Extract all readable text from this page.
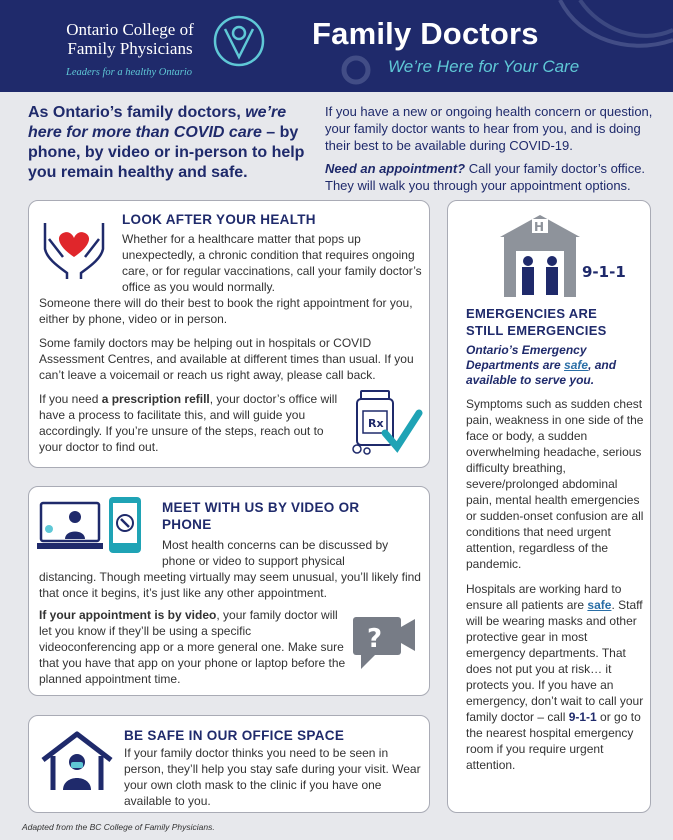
Ontario College of
Family Physicians
Leaders for a healthy Ontario
Family Doctors
We’re Here for Your Care
As Ontario’s family doctors, we’re here for more than COVID care – by phone, by video or in-person to help you remain healthy and safe.

If you have a new or ongoing health concern or question, your family doctor wants to hear from you, and is doing their best to be available during COVID-19.

Need an appointment? Call your family doctor’s office. They will walk you through your appointment options.

LOOK AFTER YOUR HEALTH

Whether for a healthcare matter that pops up unexpectedly, a chronic condition that requires ongoing care, or for regular vaccinations, call your family doctor’s office as you would normally.

Someone there will do their best to book the right appointment for you, either by phone, video or in person.

Some family doctors may be helping out in hospitals or COVID Assessment Centres, and available at different times than usual. If you can’t leave a voicemail or reach us right away, please call back.

If you need a prescription refill, your doctor’s office will have a process to facilitate this, and will guide you accordingly. If you’re unsure of the steps, reach out to your doctor to find out.

Rx
MEET WITH US BY VIDEO OR
PHONE

Most health concerns can be discussed by phone or video to support physical

distancing. Though meeting virtually may seem unusual, you’ll likely find that once it begins, it’s just like any other appointment.

If your appointment is by video, your family doctor will let you know if they’ll be using a specific videoconferencing app or a more general one. Make sure that you have that app on your phone or laptop before the planned appointment time.

?
BE SAFE IN OUR OFFICE SPACE

If your family doctor thinks you need to be seen in person, they’ll help you stay safe during your visit. Wear your own cloth mask to the clinic if you have one available to you.

H
9-1-1
EMERGENCIES ARE
STILL EMERGENCIES
Ontario’s Emergency Departments are safe, and available to serve you.

Symptoms such as sudden chest pain, weakness in one side of the face or body, a sudden overwhelming headache, serious difficulty breathing, severe/prolonged abdominal pain, mental health emergencies or sudden-onset confusion are all conditions that need urgent attention, regardless of the pandemic.

Hospitals are working hard to ensure all patients are safe. Staff will be wearing masks and other protective gear in most emergency departments. That does not put you at risk… it protects you. If you have an emergency, don’t wait to call your family doctor – call 9-1-1 or go to the nearest hospital emergency room if you require urgent attention.

Adapted from the BC College of Family Physicians.
